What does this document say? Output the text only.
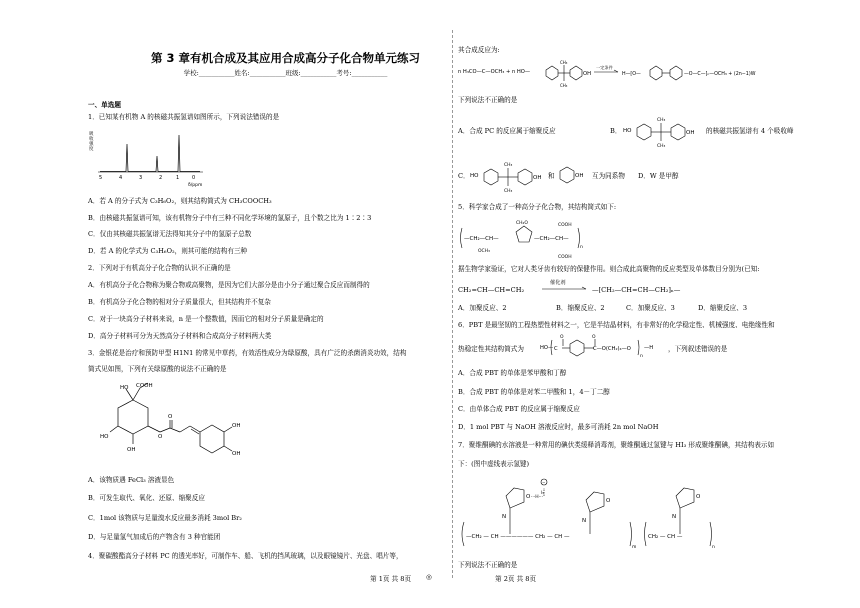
第 3 章有机合成及其应用合成高分子化合物单元练习
学校:___________姓名:___________班级:___________考号:___________
一、单选题
1．已知某有机物 A 的核磁共振氢谱如图所示，下列说法错误的是
吸
收
强
度
5	4	3	2	1	0
δ/ppm
A．若 A 的分子式为 C₃H₆O₂，则其结构简式为 CH₃COOCH₃
B．由核磁共振氢谱可知，该有机物分子中有三种不同化学环境的氢原子，且个数之比为 1∶2∶3
C．仅由其核磁共振氢谱无法得知其分子中的氢原子总数
D．若 A 的化学式为 C₃H₆O₂，则其可能的结构有三种
2．下列对于有机高分子化合物的认识不正确的是
A．有机高分子化合物称为聚合物或高聚物，是因为它们大部分是由小分子通过聚合反应而制得的
B．有机高分子化合物的相对分子质量很大，但其结构并不复杂
C．对于一块高分子材料来说，n 是一个整数值，因而它的相对分子质量是确定的
D．高分子材料可分为天然高分子材料和合成高分子材料两大类
3．金银花是治疗和预防甲型 H1N1 的常见中草药，有效活性成分为绿原酸，具有广泛的杀菌消炎功效，结构
简式见如图，下列有关绿原酸的说法不正确的是
COOH
HO
HO
OH
O
O
OH
OH
A．该物质遇 FeCl₃ 溶液显色
B．可发生取代、氧化、还原、缩聚反应
C．1mol 该物质与足量溴水反应最多消耗 3mol Br₂
D．与足量氢气加成后的产物含有 3 种官能团
4．聚碳酸酯高分子材料 PC 的透光率好，可制作车、船、飞机的挡风玻璃，以及眼镜镜片、光盘、唱片等，
其合成反应为:
n H₃CO—C—OCH₃ + n HO—
CH₃
CH₃
OH
一定条件
H—[O—	—O—C—]ₙ—OCH₃ + (2n−1)W
下列说法不正确的是
A．合成 PC 的反应属于缩聚反应	B． HO
CH₃
CH₃
OH 的核磁共振氢谱有 4 个吸收峰
C． HO
CH₃
CH₃
OH 和	OH 互为同系物 D．W 是甲醇
5．科学家合成了一种高分子化合物，其结构简式如下:
—CH₂—CH—	—CH₂—CH—
n
CH₂O	COOH
COOH
OCH₃
据生物学家验证，它对人类牙齿有较好的保健作用。则合成此高聚物的反应类型及单体数目分别为(已知:
CH₂=CH—CH=CH₂
催化剂
—[CH₂—CH=CH—CH₂]ₙ—
A．加聚反应、2	B．缩聚反应、2	C．加聚反应、3	D．缩聚反应、3
6．PBT 是最坚韧的工程热塑性材料之一，它是半结晶材料，有非常好的化学稳定性、机械强度、电绝缘性和
热稳定性其结构简式为	HO— C
O	O
C—O(CH₂)₄—O
n
—H ，下列叙述错误的是
A．合成 PBT 的单体是苯甲酸和丁醇
B．合成 PBT 的单体是对苯二甲酸和 1，4－丁二醇
C．由单体合成 PBT 的反应属于缩聚反应
D．1 mol PBT 与 NaOH 溶液反应时，最多可消耗 2n mol NaOH
7．聚维酮碘的水溶液是一种常用的碘伏类缓释消毒剂，聚维酮通过氢键与 HI₃ 形成聚维酮碘，其结构表示如
下：(图中虚线表示氢键)
N
N
N
O
O
O
···H···
−
I₃
—CH₂ — CH —————— CH₂ — CH —
m
CH₂ — CH —
n
下列说法不正确的是
第 1页 共 8页 ◎	第 2页 共 8页
